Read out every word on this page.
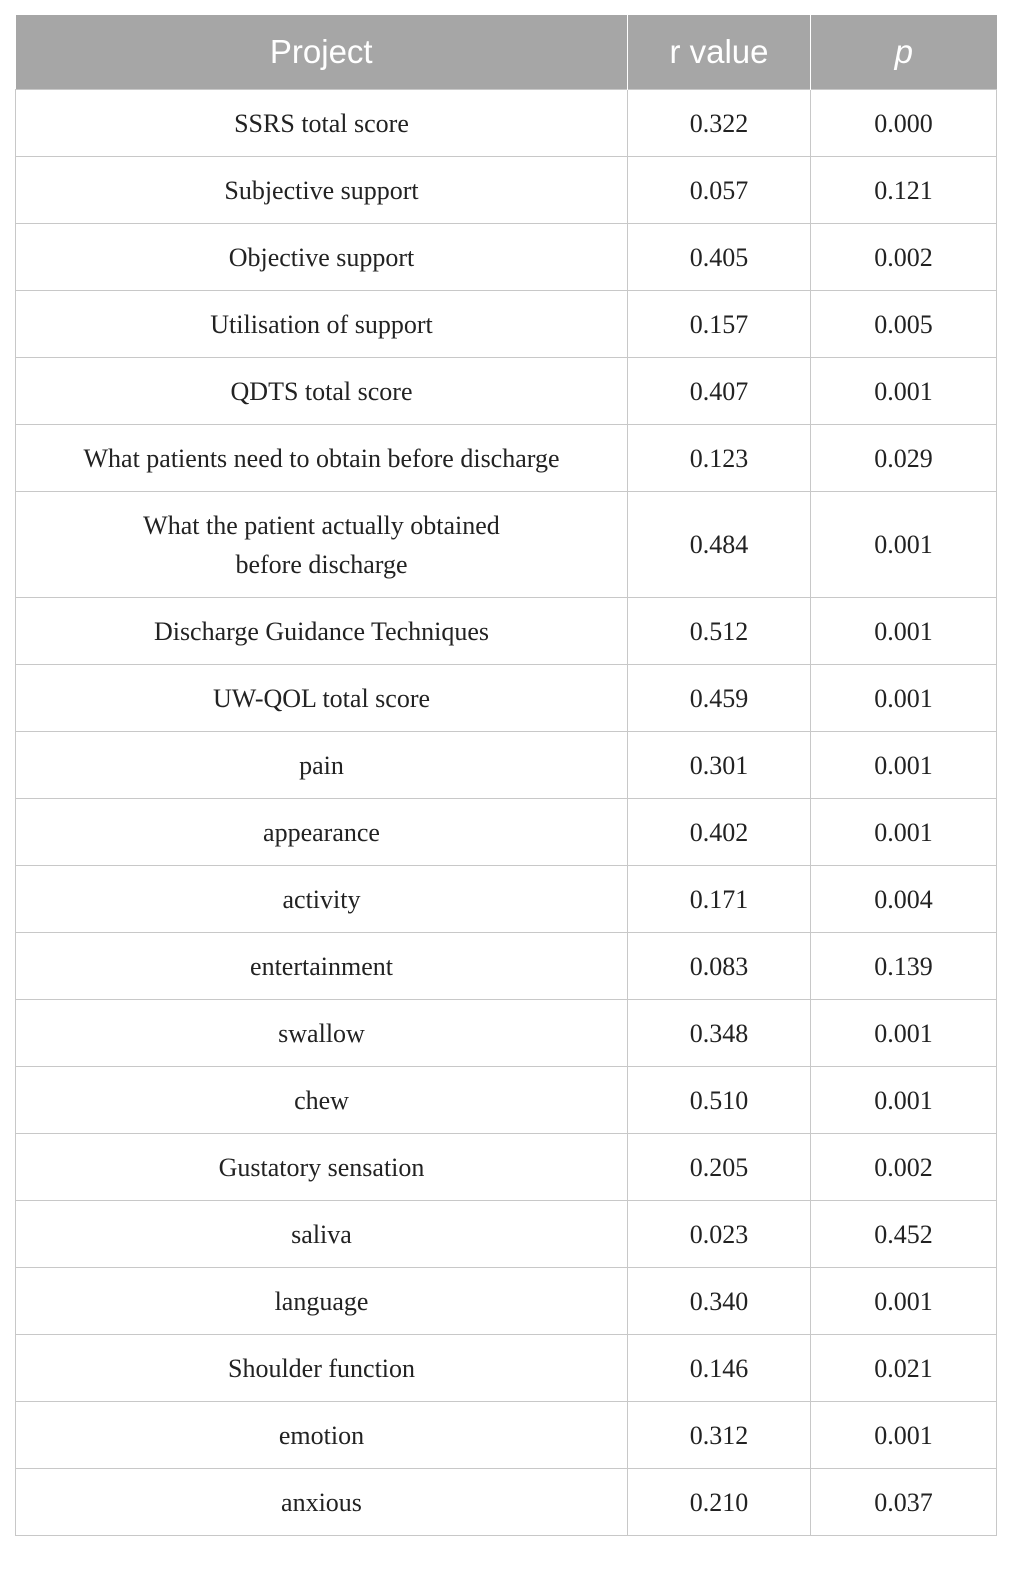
Project	r value	p
SSRS total score	0.322	0.000
Subjective support	0.057	0.121
Objective support	0.405	0.002
Utilisation of support	0.157	0.005
QDTS total score	0.407	0.001
What patients need to obtain before discharge	0.123	0.029
What the patient actually obtained
before discharge	0.484	0.001
Discharge Guidance Techniques	0.512	0.001
UW-QOL total score	0.459	0.001
pain	0.301	0.001
appearance	0.402	0.001
activity	0.171	0.004
entertainment	0.083	0.139
swallow	0.348	0.001
chew	0.510	0.001
Gustatory sensation	0.205	0.002
saliva	0.023	0.452
language	0.340	0.001
Shoulder function	0.146	0.021
emotion	0.312	0.001
anxious	0.210	0.037
